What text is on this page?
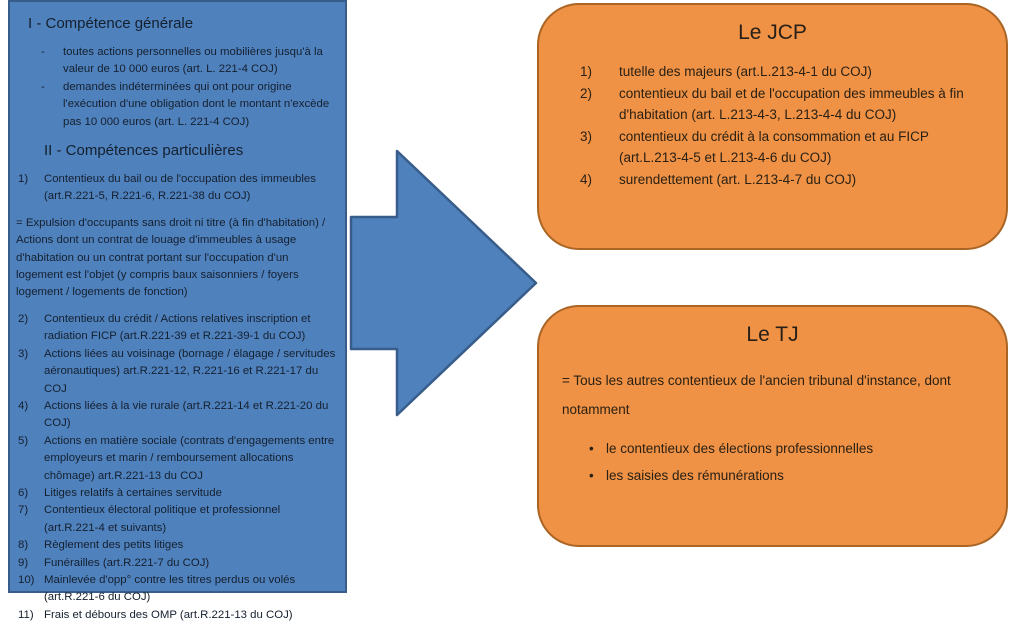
I - Compétence générale
-	toutes actions personnelles ou mobilières jusqu'à la valeur de 10 000 euros (art. L. 221-4 COJ)
-	demandes indéterminées qui ont pour origine l'exécution d'une obligation dont le montant n'excède pas 10 000 euros (art. L. 221-4 COJ)
II - Compétences particulières
1)	Contentieux du bail ou de l'occupation des immeubles (art.R.221-5, R.221-6, R.221-38 du COJ)
= Expulsion d'occupants sans droit ni titre (à fin d'habitation) / Actions dont un contrat de louage d'immeubles à usage d'habitation ou un contrat portant sur l'occupation d'un logement est l'objet (y compris baux saisonniers / foyers logement / logements de fonction)
2)	Contentieux du crédit / Actions relatives inscription et radiation FICP (art.R.221-39 et R.221-39-1 du COJ)
3)	Actions liées au voisinage (bornage / élagage / servitudes aéronautiques) art.R.221-12, R.221-16 et R.221-17 du COJ
4)	Actions liées à la vie rurale (art.R.221-14 et R.221-20 du COJ)
5)	Actions en matière sociale (contrats d'engagements entre employeurs et marin / remboursement allocations chômage) art.R.221-13 du COJ
6)	Litiges relatifs à certaines servitude
7)	Contentieux électoral politique et professionnel (art.R.221-4 et suivants)
8)	Règlement des petits litiges
9)	Funérailles (art.R.221-7 du COJ)
10) Mainlevée d'opp° contre les titres perdus ou volés (art.R.221-6 du COJ)
11) Frais et débours des OMP (art.R.221-13 du COJ)
Le JCP
1)	tutelle des majeurs (art.L.213-4-1 du COJ)
2)	contentieux du bail et de l'occupation des immeubles à fin d'habitation (art. L.213-4-3, L.213-4-4 du COJ)
3)	contentieux du crédit à la consommation et au FICP (art.L.213-4-5 et L.213-4-6 du COJ)
4)	surendettement (art. L.213-4-7 du COJ)
Le TJ
= Tous les autres contentieux de l'ancien tribunal d'instance, dont notamment
• le contentieux des élections professionnelles
• les saisies des rémunérations
